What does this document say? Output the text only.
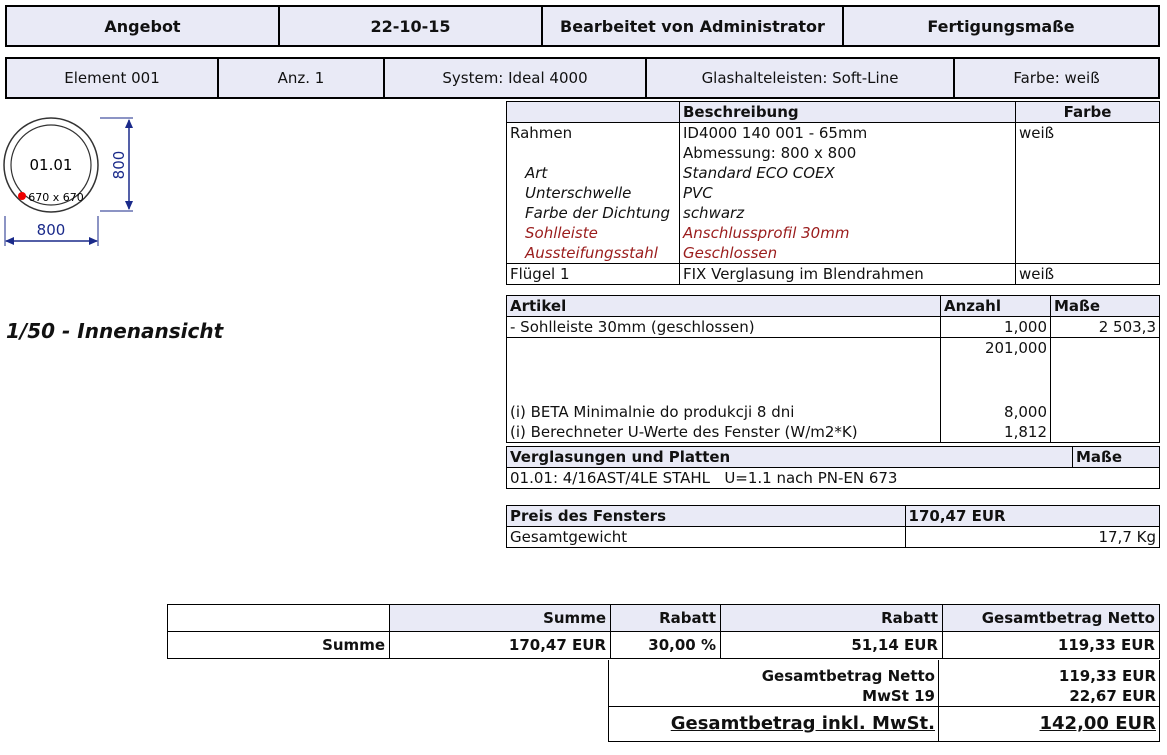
Angebot	22-10-15	Bearbeitet von Administrator	Fertigungsmaße
Element 001	Anz. 1	System: Ideal 4000	Glashalteleisten: Soft-Line	Farbe: weiß
01.01
670 x 670
800
800
1/50 - Innenansicht
	Beschreibung	Farbe
Rahmen	ID4000 140 001 - 65mm	weiß
	Abmessung: 800 x 800	
Art	Standard ECO COEX	
Unterschwelle	PVC	
Farbe der Dichtung	schwarz	
Sohlleiste	Anschlussprofil 30mm	
Aussteifungsstahl	Geschlossen	
Flügel 1	FIX Verglasung im Blendrahmen	weiß
Artikel	Anzahl	Maße
- Sohlleiste 30mm (geschlossen)	1,000	2 503,3
	201,000	
(i) BETA Minimalnie do produkcji 8 dni	8,000	
(i) Berechneter U-Werte des Fenster (W/m2*K)	1,812	
Verglasungen und Platten	Maße
01.01: 4/16AST/4LE STAHL   U=1.1 nach PN-EN 673
Preis des Fensters	170,47 EUR
Gesamtgewicht	17,7 Kg
	Summe	Rabatt	Rabatt	Gesamtbetrag Netto
Summe	170,47 EUR	30,00 %	51,14 EUR	119,33 EUR
Gesamtbetrag Netto	119,33 EUR
MwSt 19	22,67 EUR
Gesamtbetrag inkl. MwSt.	142,00 EUR
